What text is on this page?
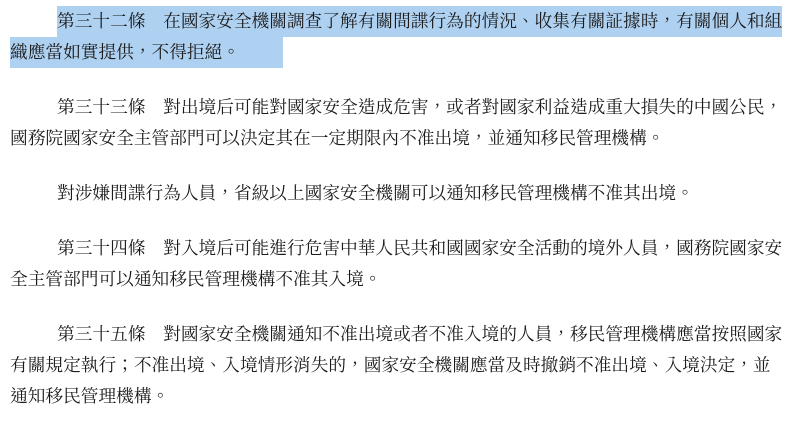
第三十二條　在國家安全機關調查了解有關間諜行為的情況、收集有關証據時，有關個人和組
織應當如實提供，不得拒絕。
第三十三條　對出境后可能對國家安全造成危害，或者對國家利益造成重大損失的中國公民，
國務院國家安全主管部門可以決定其在一定期限內不准出境，並通知移民管理機構。
對涉嫌間諜行為人員，省級以上國家安全機關可以通知移民管理機構不准其出境。
第三十四條　對入境后可能進行危害中華人民共和國國家安全活動的境外人員，國務院國家安
全主管部門可以通知移民管理機構不准其入境。
第三十五條　對國家安全機關通知不准出境或者不准入境的人員，移民管理機構應當按照國家
有關規定執行；不准出境、入境情形消失的，國家安全機關應當及時撤銷不准出境、入境決定，並
通知移民管理機構。
